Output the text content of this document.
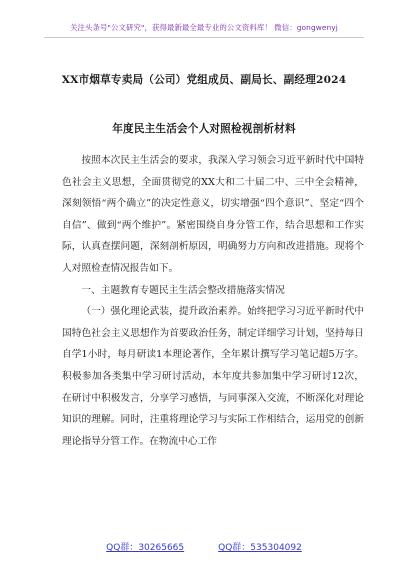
关注头条号"公文研究"，获得最新最全最专业的公文资料库！ 微信：gongwenyj
XX市烟草专卖局（公司）党组成员、副局长、副经理2024
年度民主生活会个人对照检视剖析材料

按照本次民主生活会的要求，我深入学习领会习近平新时代中国特色社会主义思想，全面贯彻党的XX大和二十届二中、三中全会精神，深刻领悟“两个确立”的决定性意义，切实增强“四个意识”、坚定“四个自信”、做到“两个维护”。紧密围绕自身分管工作，结合思想和工作实际，认真查摆问题，深刻剖析原因，明确努力方向和改进措施。现将个人对照检查情况报告如下。

一、主题教育专题民主生活会整改措施落实情况

（一）强化理论武装，提升政治素养。始终把学习习近平新时代中国特色社会主义思想作为首要政治任务，制定详细学习计划，坚持每日自学1小时，每月研读1本理论著作，全年累计撰写学习笔记超5万字。积极参加各类集中学习研讨活动，本年度共参加集中学习研讨12次，在研讨中积极发言，分享学习感悟，与同事深入交流，不断深化对理论知识的理解。同时，注重将理论学习与实际工作相结合，运用党的创新理论指导分管工作。在物流中心工作

QQ群：30265665	QQ群：535304092
